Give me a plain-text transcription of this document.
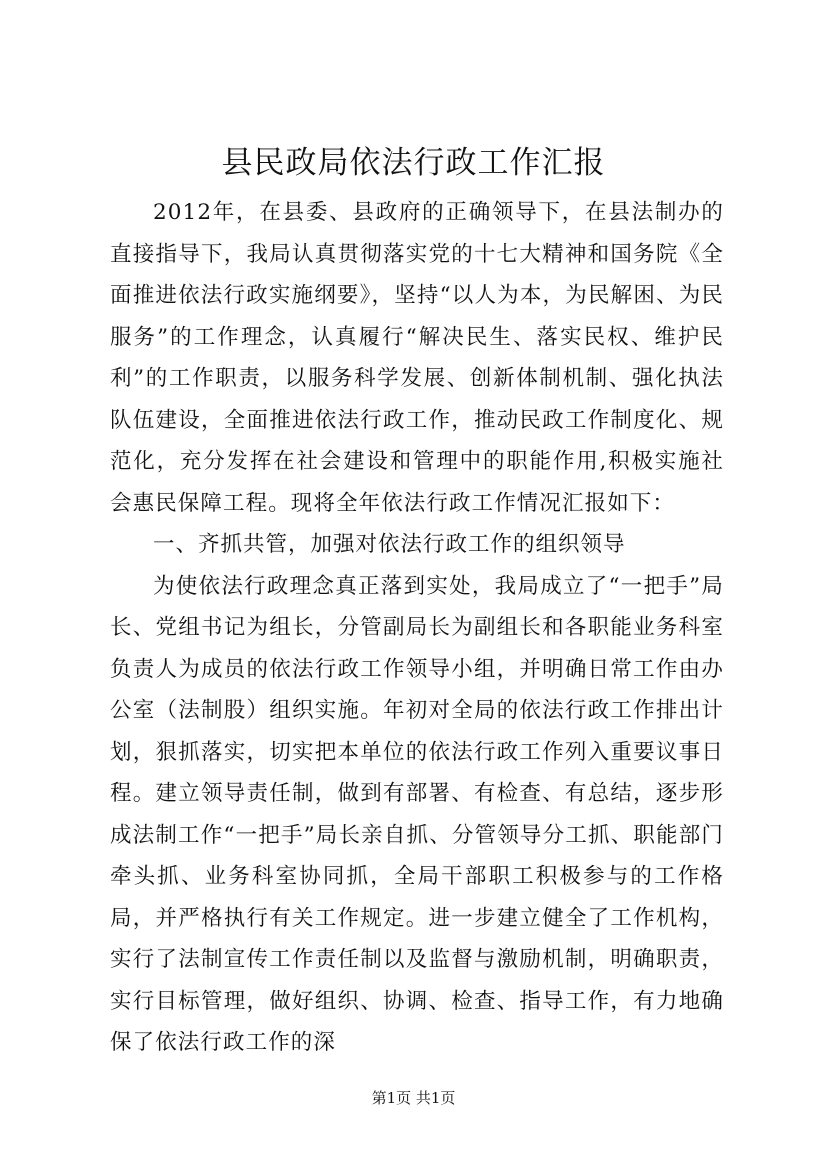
县民政局依法行政工作汇报

2012年，在县委、县政府的正确领导下，在县法制办的直接指导下，我局认真贯彻落实党的十七大精神和国务院《全面推进依法行政实施纲要》，坚持“以人为本，为民解困、为民服务”的工作理念，认真履行“解决民生、落实民权、维护民利”的工作职责，以服务科学发展、创新体制机制、强化执法队伍建设，全面推进依法行政工作，推动民政工作制度化、规范化，充分发挥在社会建设和管理中的职能作用,积极实施社会惠民保障工程。现将全年依法行政工作情况汇报如下：

一、齐抓共管，加强对依法行政工作的组织领导

为使依法行政理念真正落到实处，我局成立了“一把手”局长、党组书记为组长，分管副局长为副组长和各职能业务科室负责人为成员的依法行政工作领导小组，并明确日常工作由办公室（法制股）组织实施。年初对全局的依法行政工作排出计划，狠抓落实，切实把本单位的依法行政工作列入重要议事日程。建立领导责任制，做到有部署、有检查、有总结，逐步形成法制工作“一把手”局长亲自抓、分管领导分工抓、职能部门牵头抓、业务科室协同抓，全局干部职工积极参与的工作格局，并严格执行有关工作规定。进一步建立健全了工作机构，实行了法制宣传工作责任制以及监督与激励机制，明确职责，实行目标管理，做好组织、协调、检查、指导工作，有力地确保了依法行政工作的深

第1页 共1页
